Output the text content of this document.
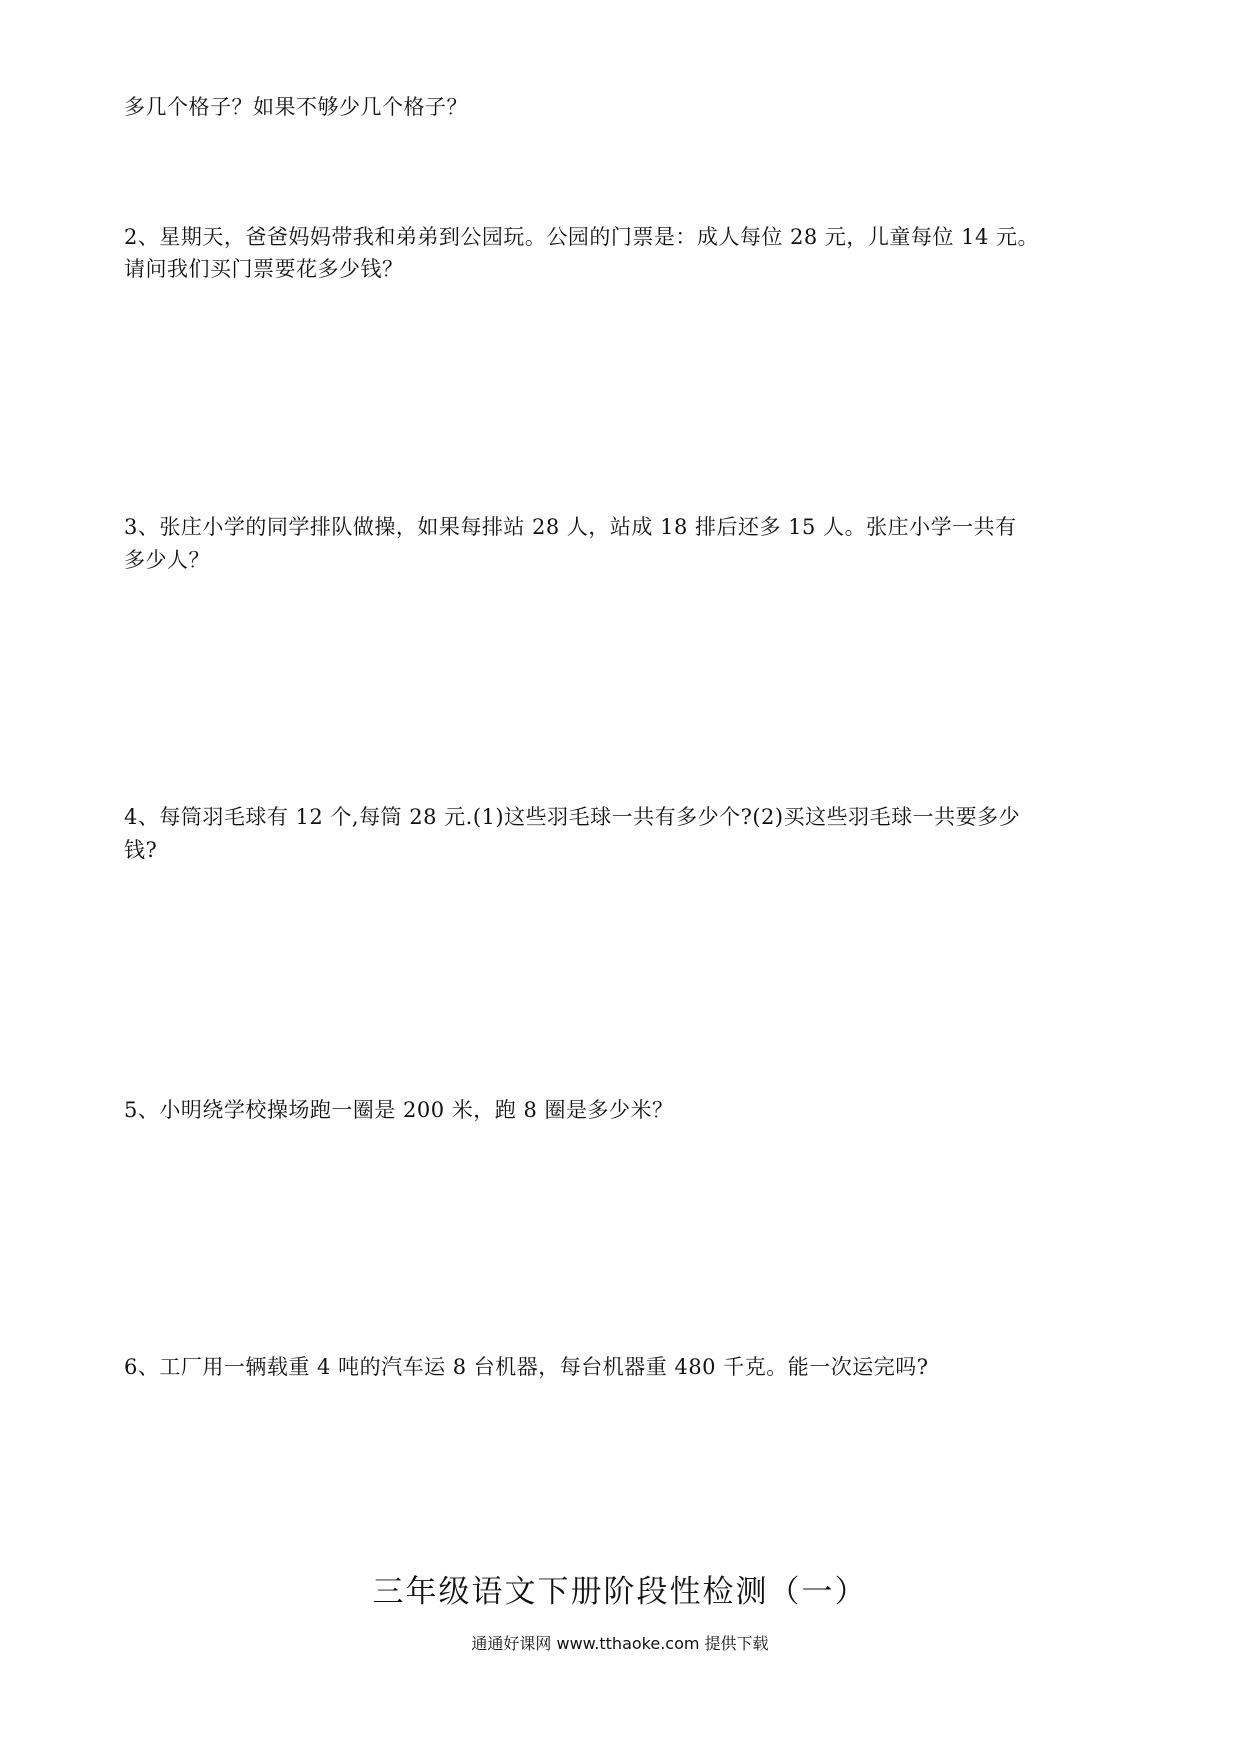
多几个格子？如果不够少几个格子？
2、星期天，爸爸妈妈带我和弟弟到公园玩。公园的门票是：成人每位 28 元，儿童每位 14 元。
请问我们买门票要花多少钱？
3、张庄小学的同学排队做操，如果每排站 28 人，站成 18 排后还多 15 人。张庄小学一共有
多少人？
4、每筒羽毛球有 12 个,每筒 28 元.(1)这些羽毛球一共有多少个?(2)买这些羽毛球一共要多少
钱?
5、小明绕学校操场跑一圈是 200 米，跑 8 圈是多少米？
6、工厂用一辆载重 4 吨的汽车运 8 台机器，每台机器重 480 千克。能一次运完吗?
三年级语文下册阶段性检测（一）
通通好课网 www.tthaoke.com 提供下载
